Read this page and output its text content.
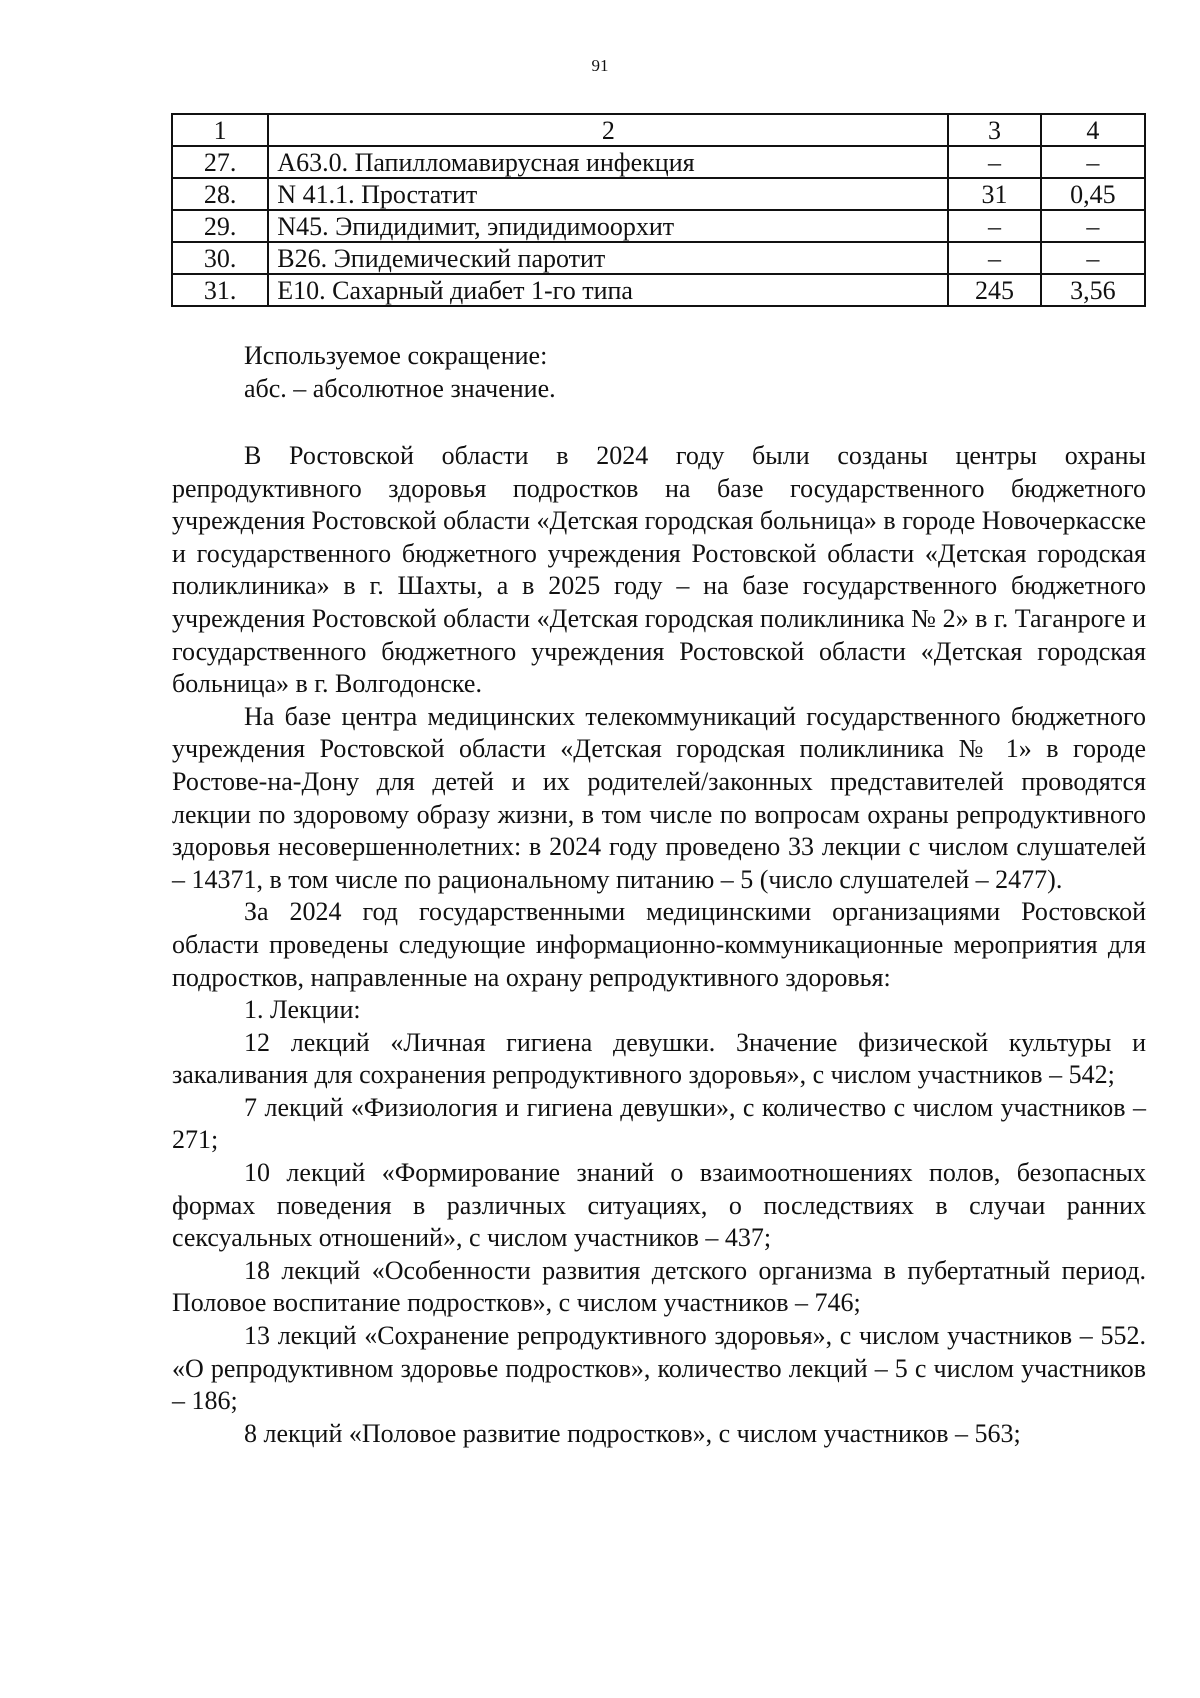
91
1	2	3	4
27.	A63.0. Папилломавирусная инфекция	–	–
28.	N 41.1. Простатит	31	0,45
29.	N45. Эпидидимит, эпидидимоорхит	–	–
30.	B26. Эпидемический паротит	–	–
31.	E10. Сахарный диабет 1-го типа	245	3,56

Используемое сокращение:

абс. – абсолютное значение.

В Ростовской области в 2024 году были созданы центры охраны репродуктивного здоровья подростков на базе государственного бюджетного учреждения Ростовской области «Детская городская больница» в городе Новочеркасске и государственного бюджетного учреждения Ростовской области «Детская городская поликлиника» в г. Шахты, а в 2025 году – на базе государственного бюджетного учреждения Ростовской области «Детская городская поликлиника № 2» в г. Таганроге и государственного бюджетного учреждения Ростовской области «Детская городская больница» в г. Волгодонске.

На базе центра медицинских телекоммуникаций государственного бюджетного учреждения Ростовской области «Детская городская поликлиника № 1» в городе Ростове-на-Дону для детей и их родителей/законных представителей проводятся лекции по здоровому образу жизни, в том числе по вопросам охраны репродуктивного здоровья несовершеннолетних: в 2024 году проведено 33 лекции с числом слушателей – 14371, в том числе по рациональному питанию – 5 (число слушателей – 2477).

За 2024 год государственными медицинскими организациями Ростовской области проведены следующие информационно-коммуникационные мероприятия для подростков, направленные на охрану репродуктивного здоровья:

1. Лекции:

12 лекций «Личная гигиена девушки. Значение физической культуры и закаливания для сохранения репродуктивного здоровья», с числом участников – 542;

7 лекций «Физиология и гигиена девушки», с количество с числом участников – 271;

10 лекций «Формирование знаний о взаимоотношениях полов, безопасных формах поведения в различных ситуациях, о последствиях в случаи ранних сексуальных отношений», с числом участников – 437;

18 лекций «Особенности развития детского организма в пубертатный период. Половое воспитание подростков», с числом участников – 746;

13 лекций «Сохранение репродуктивного здоровья», с числом участников – 552. «О репродуктивном здоровье подростков», количество лекций – 5 с числом участников – 186;

8 лекций «Половое развитие подростков», с числом участников – 563;
